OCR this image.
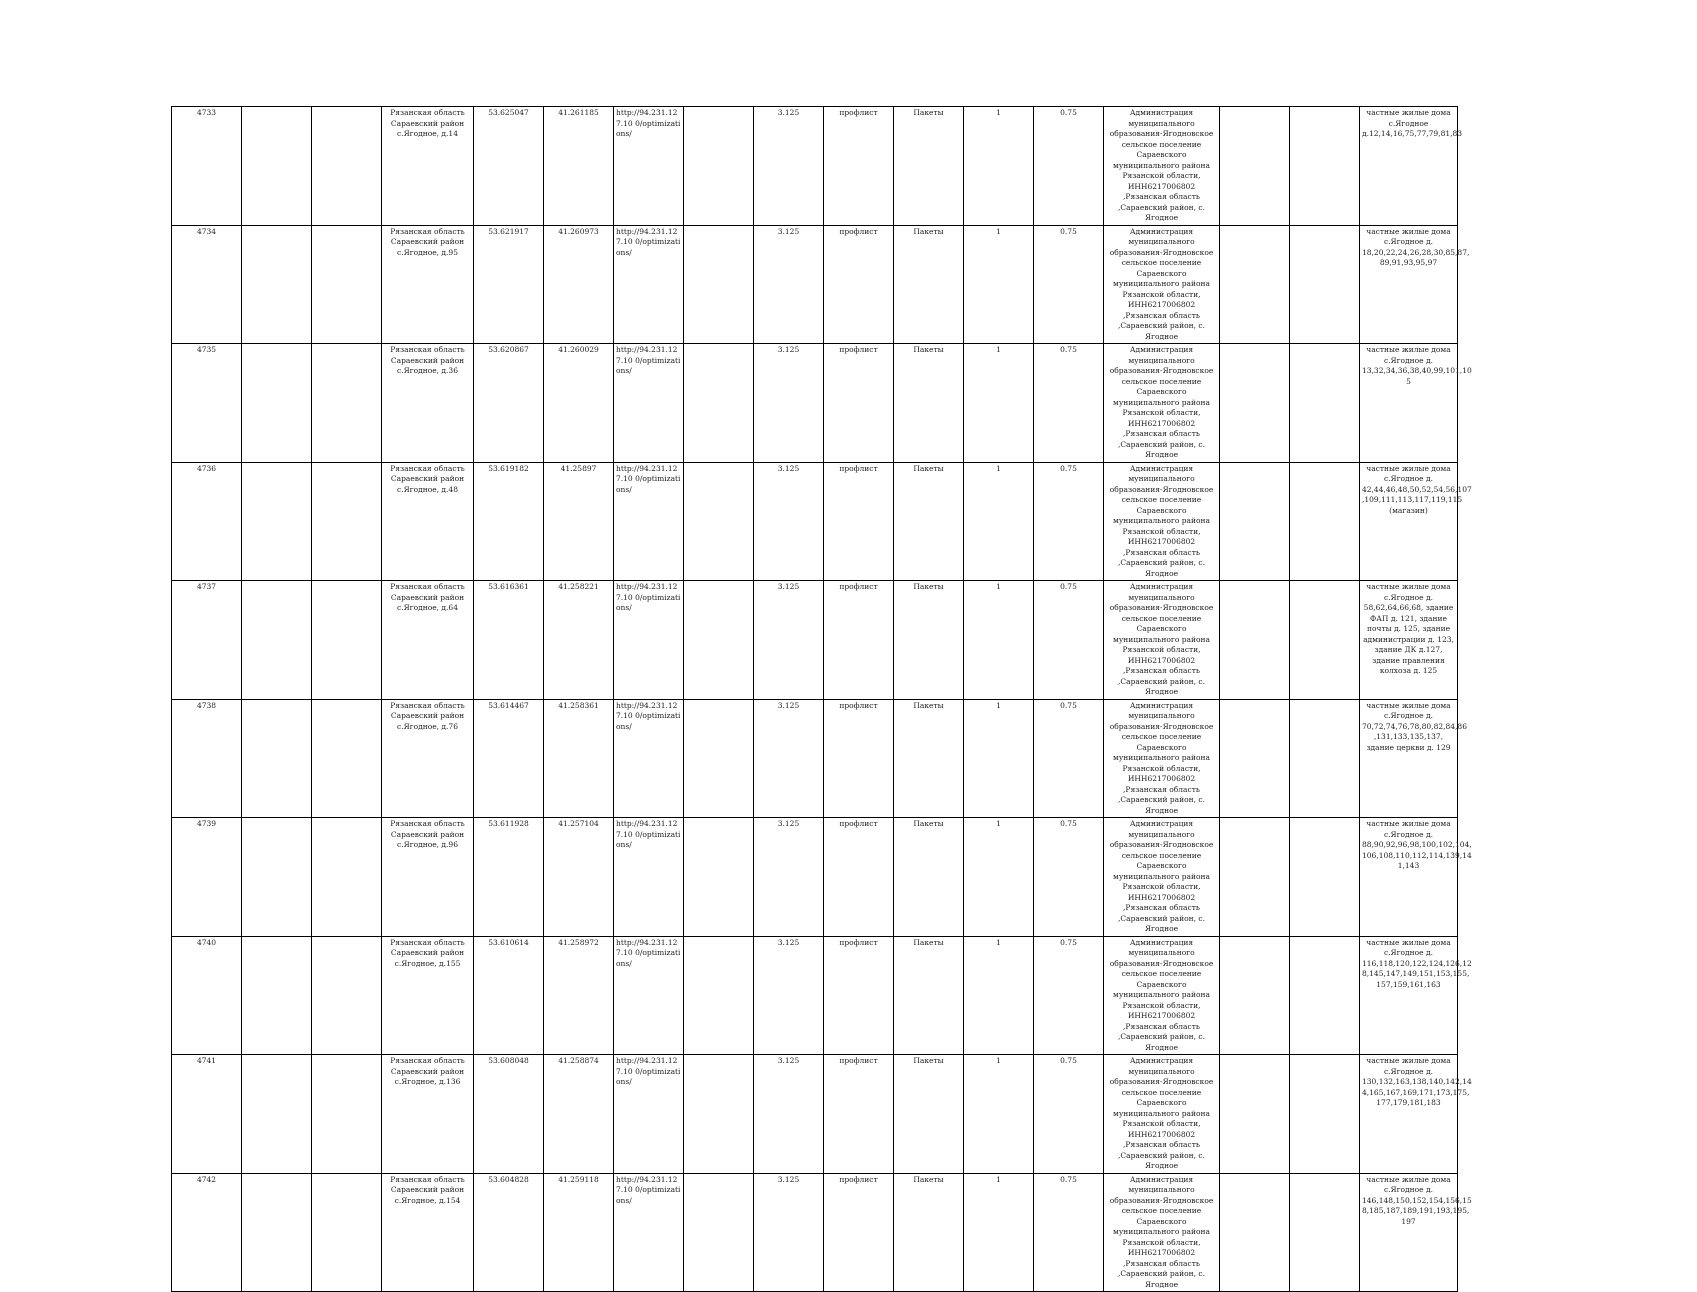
4733			Рязанская область Сараевский район с.Ягодное, д.14	53.625047	41.261185	http://94.231.127.10 0/optimizations/		3.125	профлист	Пакеты	1	0.75	Администрация муниципального образования-Ягодновское сельское поселение Сараевского муниципального района Рязанской области, ИНН6217006802 ,Рязанская область ,Сараевский район, с. Ягодное			частные жилые дома с.Ягодное д.12,14,16,75,77,79,81,83
4734			Рязанская область Сараевский район с.Ягодное, д.95	53.621917	41.260973	http://94.231.127.10 0/optimizations/		3.125	профлист	Пакеты	1	0.75	Администрация муниципального образования-Ягодновское сельское поселение Сараевского муниципального района Рязанской области, ИНН6217006802 ,Рязанская область ,Сараевский район, с. Ягодное			частные жилые дома с.Ягодное д. 18,20,22,24,26,28,30,85,87, 89,91,93,95,97
4735			Рязанская область Сараевский район с.Ягодное, д.36	53.620867	41.260029	http://94.231.127.10 0/optimizations/		3.125	профлист	Пакеты	1	0.75	Администрация муниципального образования-Ягодновское сельское поселение Сараевского муниципального района Рязанской области, ИНН6217006802 ,Рязанская область ,Сараевский район, с. Ягодное			частные жилые дома с.Ягодное д. 13,32,34,36,38,40,99,101,10 5
4736			Рязанская область Сараевский район с.Ягодное, д.48	53.619182	41.25897	http://94.231.127.10 0/optimizations/		3.125	профлист	Пакеты	1	0.75	Администрация муниципального образования-Ягодновское сельское поселение Сараевского муниципального района Рязанской области, ИНН6217006802 ,Рязанская область ,Сараевский район, с. Ягодное			частные жилые дома с.Ягодное д. 42,44,46,48,50,52,54,56,107 ,109,111,113,117,119,115 (магазин)
4737			Рязанская область Сараевский район с.Ягодное, д.64	53.616361	41.258221	http://94.231.127.10 0/optimizations/		3.125	профлист	Пакеты	1	0.75	Администрация муниципального образования-Ягодновское сельское поселение Сараевского муниципального района Рязанской области, ИНН6217006802 ,Рязанская область ,Сараевский район, с. Ягодное			частные жилые дома с.Ягодное д. 58,62,64,66,68, здание ФАП д. 121, здание почты д. 125, здание администрации д. 123, здание ДК д.127, здание правления колхоза д. 125
4738			Рязанская область Сараевский район с.Ягодное, д.76	53.614467	41.258361	http://94.231.127.10 0/optimizations/		3.125	профлист	Пакеты	1	0.75	Администрация муниципального образования-Ягодновское сельское поселение Сараевского муниципального района Рязанской области, ИНН6217006802 ,Рязанская область ,Сараевский район, с. Ягодное			частные жилые дома с.Ягодное д. 70,72,74,76,78,80,82,84,86 ,131,133,135,137, здание церкви д. 129
4739			Рязанская область Сараевский район с.Ягодное, д.96	53.611928	41.257104	http://94.231.127.10 0/optimizations/		3.125	профлист	Пакеты	1	0.75	Администрация муниципального образования-Ягодновское сельское поселение Сараевского муниципального района Рязанской области, ИНН6217006802 ,Рязанская область ,Сараевский район, с. Ягодное			частные жилые дома с.Ягодное д. 88,90,92,96,98,100,102,104, 106,108,110,112,114,139,14 1,143
4740			Рязанская область Сараевский район с.Ягодное, д.155	53.610614	41.258972	http://94.231.127.10 0/optimizations/		3.125	профлист	Пакеты	1	0.75	Администрация муниципального образования-Ягодновское сельское поселение Сараевского муниципального района Рязанской области, ИНН6217006802 ,Рязанская область ,Сараевский район, с. Ягодное			частные жилые дома с.Ягодное д. 116,118,120,122,124,126,12 8,145,147,149,151,153,155, 157,159,161,163
4741			Рязанская область Сараевский район с.Ягодное, д.136	53.608048	41.258874	http://94.231.127.10 0/optimizations/		3.125	профлист	Пакеты	1	0.75	Администрация муниципального образования-Ягодновское сельское поселение Сараевского муниципального района Рязанской области, ИНН6217006802 ,Рязанская область ,Сараевский район, с. Ягодное			частные жилые дома с.Ягодное д. 130,132,163,138,140,142,14 4,165,167,169,171,173,175, 177,179,181,183
4742			Рязанская область Сараевский район с.Ягодное, д.154	53.604828	41.259118	http://94.231.127.10 0/optimizations/		3.125	профлист	Пакеты	1	0.75	Администрация муниципального образования-Ягодновское сельское поселение Сараевского муниципального района Рязанской области, ИНН6217006802 ,Рязанская область ,Сараевский район, с. Ягодное			частные жилые дома с.Ягодное д. 146,148,150,152,154,156,15 8,185,187,189,191,193,195, 197
